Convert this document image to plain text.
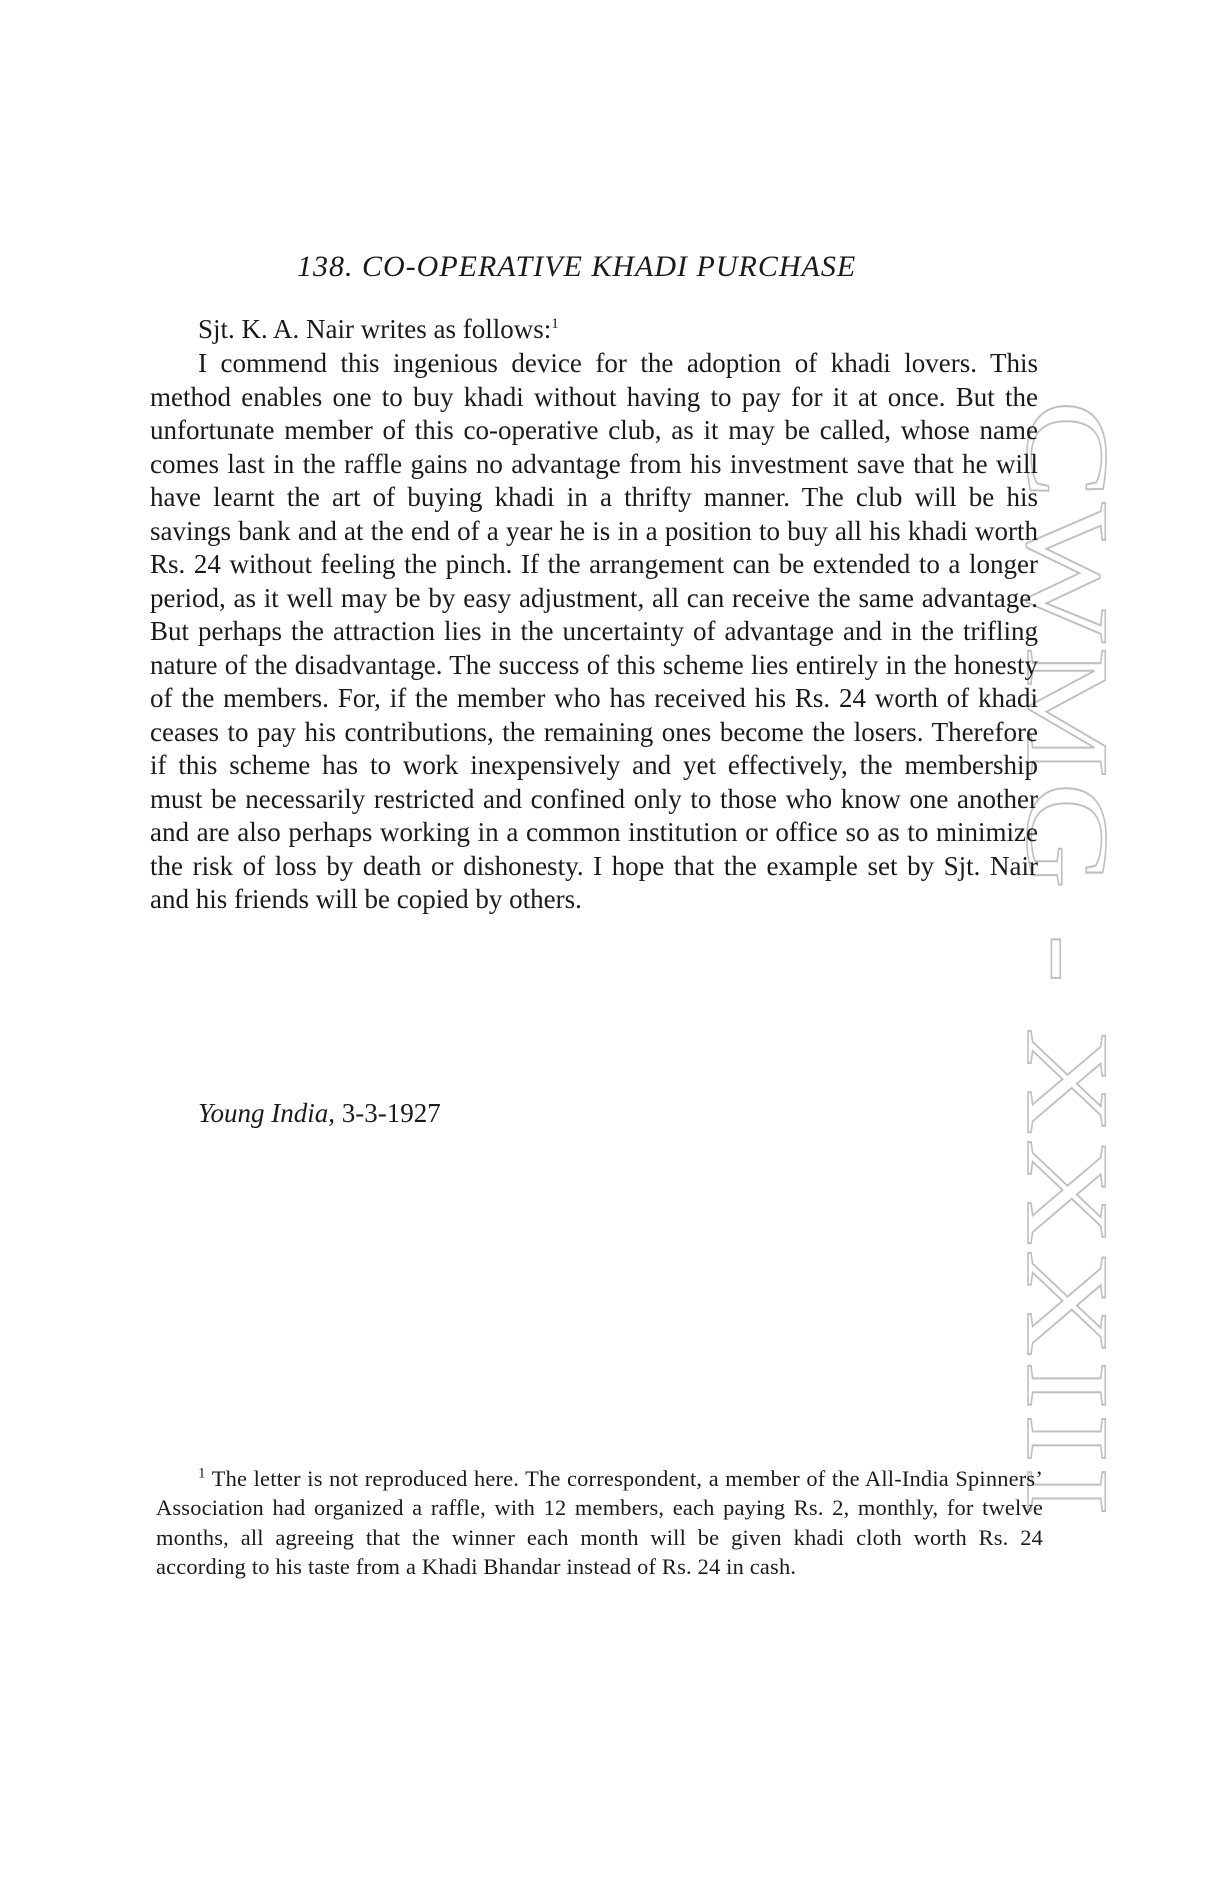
CWMG - XXXIII
138. CO-OPERATIVE KHADI PURCHASE

Sjt. K. A. Nair writes as follows:$^1$

I commend this ingenious device for the adoption of khadi lovers. This method enables one to buy khadi without having to pay for it at once. But the unfortunate member of this co-operative club, as it may be called, whose name comes last in the raffle gains no advantage from his investment save that he will have learnt the art of buying khadi in a thrifty manner. The club will be his savings bank and at the end of a year he is in a position to buy all his khadi worth Rs. 24 without feeling the pinch. If the arrangement can be extended to a longer period, as it well may be by easy adjustment, all can receive the same advantage. But perhaps the attraction lies in the uncertainty of advantage and in the trifling nature of the disadvantage. The success of this scheme lies entirely in the honesty of the members. For, if the member who has received his Rs. 24 worth of khadi ceases to pay his contributions, the remaining ones become the losers. Therefore if this scheme has to work inexpensively and yet effectively, the membership must be necessarily restricted and confined only to those who know one another and are also perhaps working in a common institution or office so as to minimize the risk of loss by death or dishonesty. I hope that the example set by Sjt. Nair and his friends will be copied by others.

Young India, 3-3-1927

$^1$ The letter is not reproduced here. The correspondent, a member of the All-India Spinners’ Association had organized a raffle, with 12 members, each paying Rs. 2, monthly, for twelve months, all agreeing that the winner each month will be given khadi cloth worth Rs. 24 according to his taste from a Khadi Bhandar instead of Rs. 24 in cash.
